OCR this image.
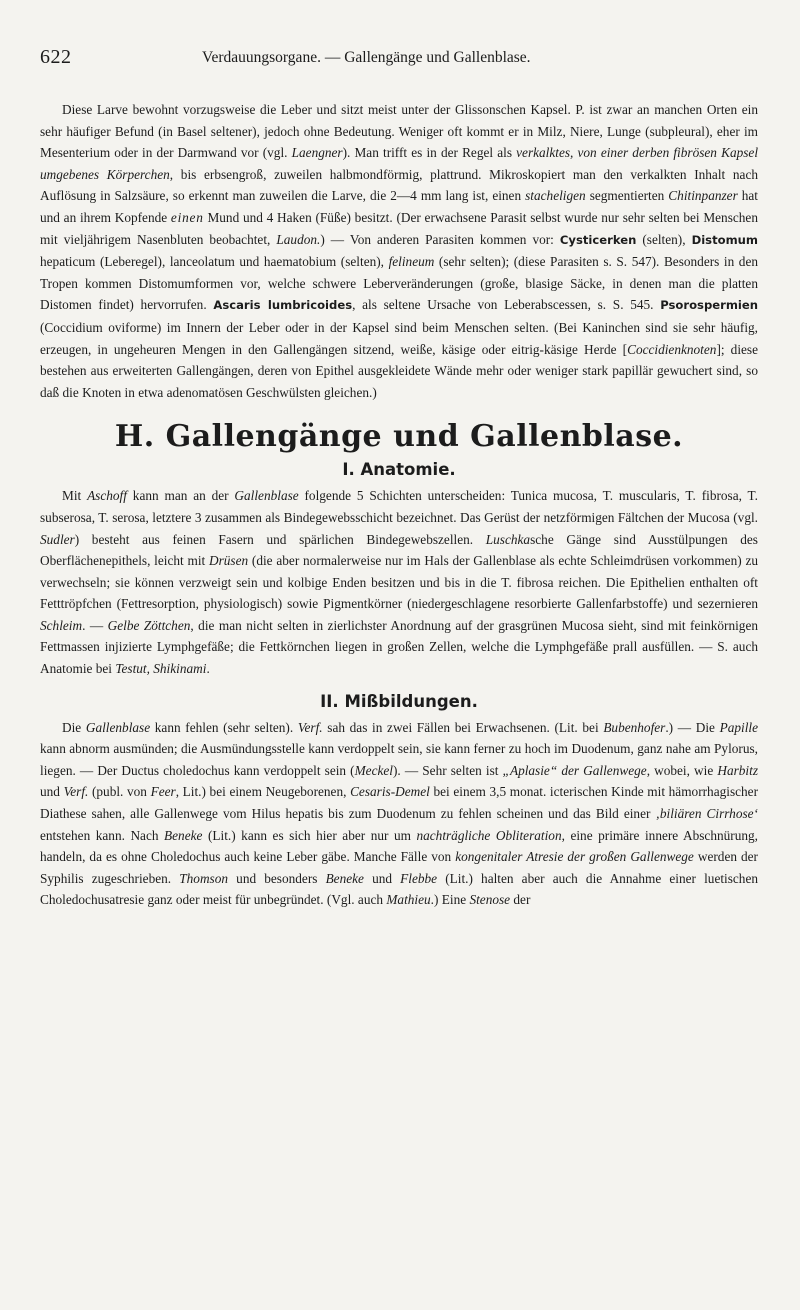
622	Verdauungsorgane. — Gallengänge und Gallenblase.

Diese Larve bewohnt vorzugsweise die Leber und sitzt meist unter der Glissonschen Kapsel. P. ist zwar an manchen Orten ein sehr häufiger Befund (in Basel seltener), jedoch ohne Bedeutung. Weniger oft kommt er in Milz, Niere, Lunge (subpleural), eher im Mesenterium oder in der Darmwand vor (vgl. Laengner). Man trifft es in der Regel als verkalktes, von einer derben fibrösen Kapsel umgebenes Körperchen, bis erbsengroß, zuweilen halbmondförmig, plattrund. Mikroskopiert man den verkalkten Inhalt nach Auflösung in Salzsäure, so erkennt man zuweilen die Larve, die 2—4 mm lang ist, einen stacheligen segmentierten Chitinpanzer hat und an ihrem Kopfende einen Mund und 4 Haken (Füße) besitzt. (Der erwachsene Parasit selbst wurde nur sehr selten bei Menschen mit vieljährigem Nasenbluten beobachtet, Laudon.) — Von anderen Parasiten kommen vor: Cysticerken (selten), Distomum hepaticum (Leberegel), lanceolatum und haematobium (selten), felineum (sehr selten); (diese Parasiten s. S. 547). Besonders in den Tropen kommen Distomumformen vor, welche schwere Leberveränderungen (große, blasige Säcke, in denen man die platten Distomen findet) hervorrufen. Ascaris lumbricoides, als seltene Ursache von Leberabscessen, s. S. 545. Psorospermien (Coccidium oviforme) im Innern der Leber oder in der Kapsel sind beim Menschen selten. (Bei Kaninchen sind sie sehr häufig, erzeugen, in ungeheuren Mengen in den Gallengängen sitzend, weiße, käsige oder eitrig-käsige Herde [Coccidienknoten]; diese bestehen aus erweiterten Gallengängen, deren von Epithel ausgekleidete Wände mehr oder weniger stark papillär gewuchert sind, so daß die Knoten in etwa adenomatösen Geschwülsten gleichen.)

H. Gallengänge und Gallenblase.
I. Anatomie.

Mit Aschoff kann man an der Gallenblase folgende 5 Schichten unterscheiden: Tunica mucosa, T. muscularis, T. fibrosa, T. subserosa, T. serosa, letztere 3 zusammen als Bindegewebsschicht bezeichnet. Das Gerüst der netzförmigen Fältchen der Mucosa (vgl. Sudler) besteht aus feinen Fasern und spärlichen Bindegewebszellen. Luschkasche Gänge sind Ausstülpungen des Oberflächenepithels, leicht mit Drüsen (die aber normalerweise nur im Hals der Gallenblase als echte Schleimdrüsen vorkommen) zu verwechseln; sie können verzweigt sein und kolbige Enden besitzen und bis in die T. fibrosa reichen. Die Epithelien enthalten oft Fetttröpfchen (Fettresorption, physiologisch) sowie Pigmentkörner (niedergeschlagene resorbierte Gallenfarbstoffe) und sezernieren Schleim. — Gelbe Zöttchen, die man nicht selten in zierlichster Anordnung auf der grasgrünen Mucosa sieht, sind mit feinkörnigen Fettmassen injizierte Lymphgefäße; die Fettkörnchen liegen in großen Zellen, welche die Lymphgefäße prall ausfüllen. — S. auch Anatomie bei Testut, Shikinami.

II. Mißbildungen.

Die Gallenblase kann fehlen (sehr selten). Verf. sah das in zwei Fällen bei Erwachsenen. (Lit. bei Bubenhofer.) — Die Papille kann abnorm ausmünden; die Ausmündungsstelle kann verdoppelt sein, sie kann ferner zu hoch im Duodenum, ganz nahe am Pylorus, liegen. — Der Ductus choledochus kann verdoppelt sein (Meckel). — Sehr selten ist „Aplasie“ der Gallenwege, wobei, wie Harbitz und Verf. (publ. von Feer, Lit.) bei einem Neugeborenen, Cesaris-Demel bei einem 3,5 monat. icterischen Kinde mit hämorrhagischer Diathese sahen, alle Gallenwege vom Hilus hepatis bis zum Duodenum zu fehlen scheinen und das Bild einer ‚biliären Cirrhose‘ entstehen kann. Nach Beneke (Lit.) kann es sich hier aber nur um nachträgliche Obliteration, eine primäre innere Abschnürung, handeln, da es ohne Choledochus auch keine Leber gäbe. Manche Fälle von kongenitaler Atresie der großen Gallenwege werden der Syphilis zugeschrieben. Thomson und besonders Beneke und Flebbe (Lit.) halten aber auch die Annahme einer luetischen Choledochusatresie ganz oder meist für unbegründet. (Vgl. auch Mathieu.) Eine Stenose der
